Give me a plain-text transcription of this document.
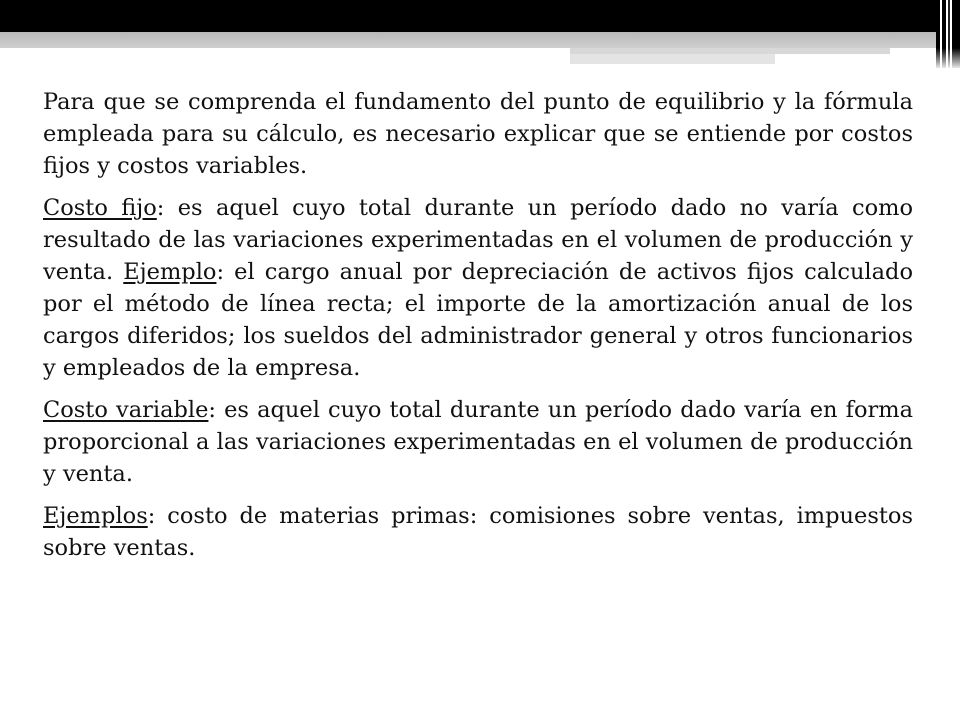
Para que se comprenda el fundamento del punto de equilibrio y la fórmula empleada para su cálculo, es necesario explicar que se entiende por costos fijos y costos variables.

Costo fijo: es aquel cuyo total durante un período dado no varía como resultado de las variaciones experimentadas en el volumen de producción y venta. Ejemplo: el cargo anual por depreciación de activos fijos calculado por el método de línea recta; el importe de la amortización anual de los cargos diferidos; los sueldos del administrador general y otros funcionarios y empleados de la empresa.

Costo variable: es aquel cuyo total durante un período dado varía en forma proporcional a las variaciones experimentadas en el volumen de producción y venta.

Ejemplos: costo de materias primas: comisiones sobre ventas, impuestos sobre ventas.
